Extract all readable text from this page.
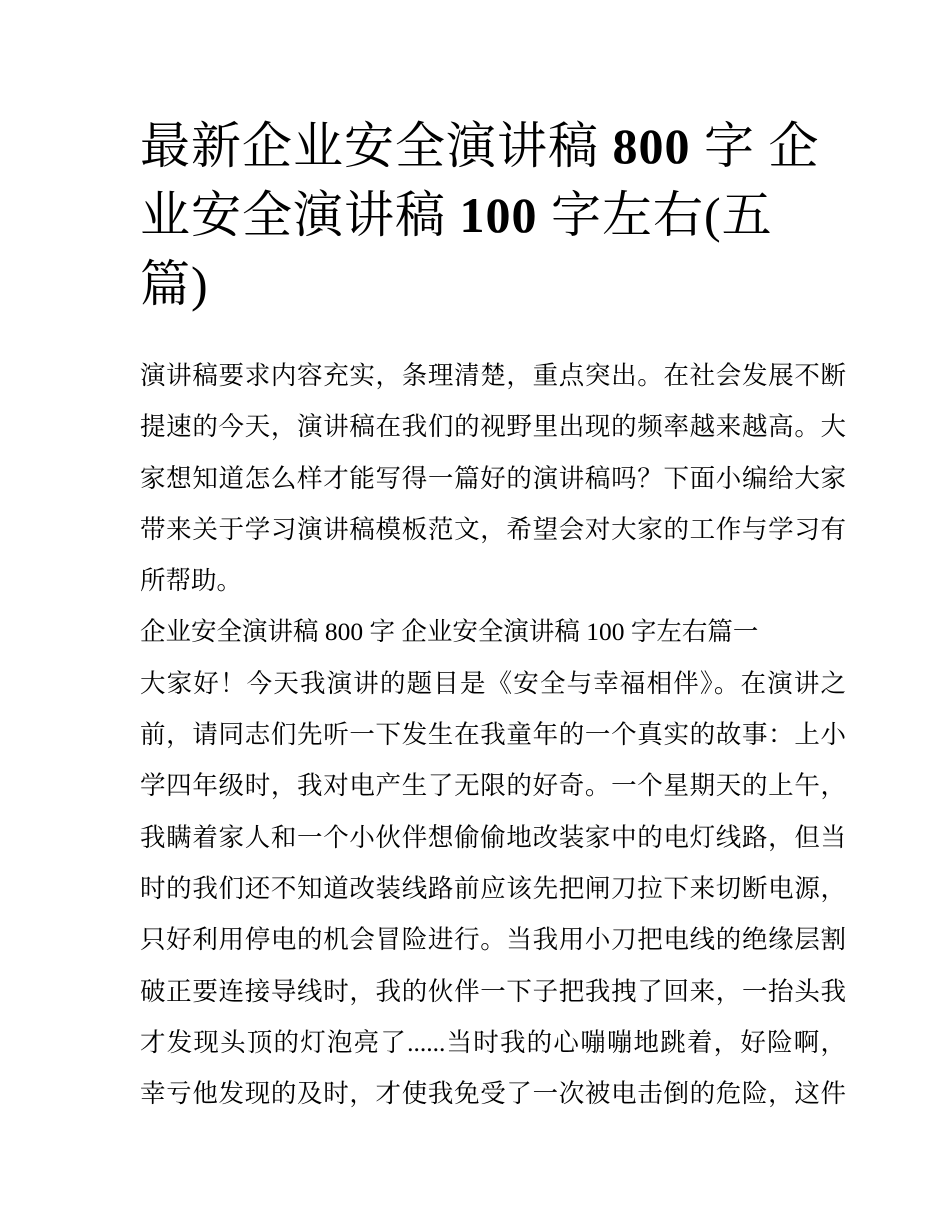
最新企业安全演讲稿 800 字 企
业安全演讲稿 100 字左右(五
篇)
演讲稿要求内容充实，条理清楚，重点突出。在社会发展不断
提速的今天，演讲稿在我们的视野里出现的频率越来越高。大
家想知道怎么样才能写得一篇好的演讲稿吗？下面小编给大家
带来关于学习演讲稿模板范文，希望会对大家的工作与学习有
所帮助。
企业安全演讲稿 800 字 企业安全演讲稿 100 字左右篇一
大家好！今天我演讲的题目是《安全与幸福相伴》。在演讲之
前，请同志们先听一下发生在我童年的一个真实的故事：上小
学四年级时，我对电产生了无限的好奇。一个星期天的上午，
我瞒着家人和一个小伙伴想偷偷地改装家中的电灯线路，但当
时的我们还不知道改装线路前应该先把闸刀拉下来切断电源，
只好利用停电的机会冒险进行。当我用小刀把电线的绝缘层割
破正要连接导线时，我的伙伴一下子把我拽了回来，一抬头我
才发现头顶的灯泡亮了......当时我的心嘣嘣地跳着，好险啊，
幸亏他发现的及时，才使我免受了一次被电击倒的危险，这件
